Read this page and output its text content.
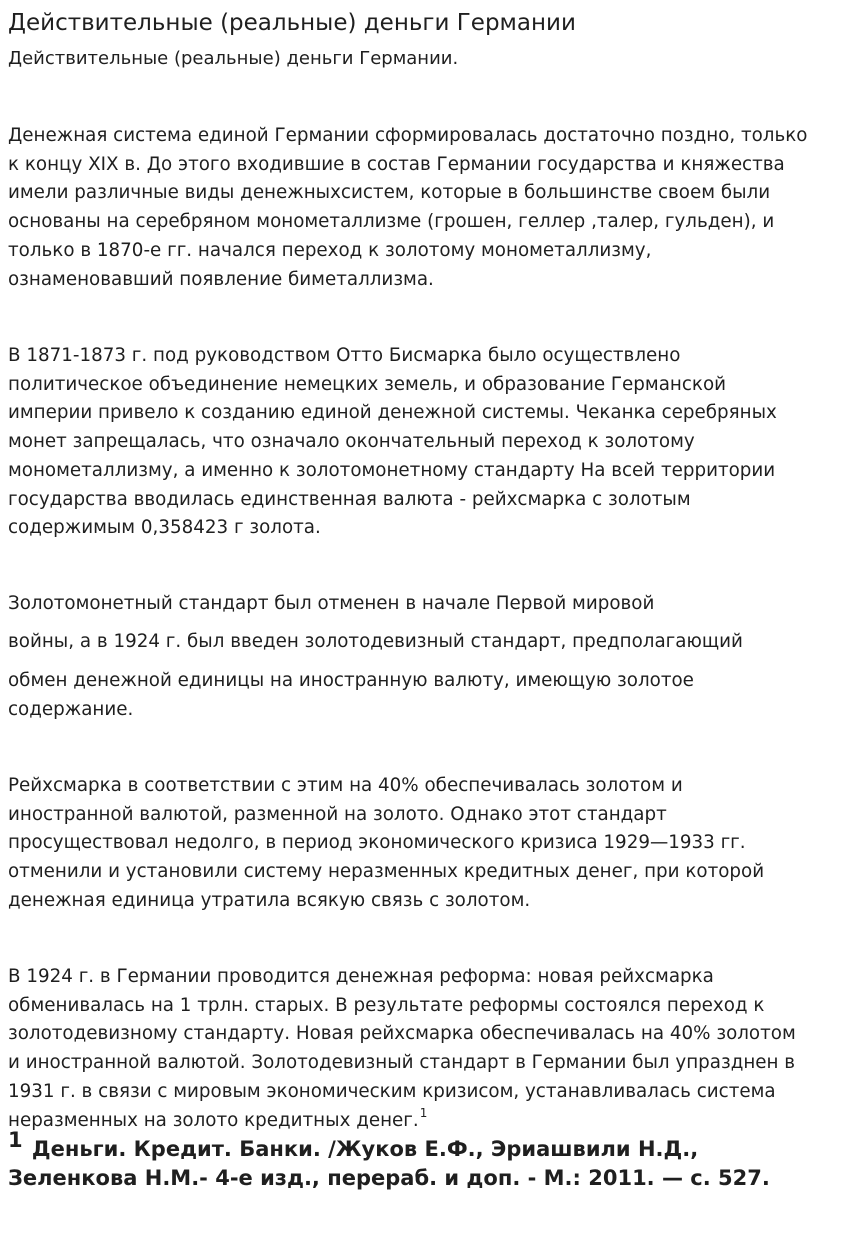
Действительные (реальные) деньги Германии

Действительные (реальные) деньги Германии.

Денежная система единой Германии сформировалась достаточно поздно, только
к концу XIX в. До этого входившие в состав Германии государства и княжества
имели различные виды денежныхсистем, которые в большинстве своем были
основаны на серебряном монометаллизме (грошен, геллер ,талер, гульден), и
только в 1870-е гг. начался переход к золотому монометаллизму,
ознаменовавший появление биметаллизма.

В 1871-1873 г. под руководством Отто Бисмарка было осуществлено
политическое объединение немецких земель, и образование Германской
империи привело к созданию единой денежной системы. Чеканка серебряных
монет запрещалась, что означало окончательный переход к золотому
монометаллизму, а именно к золотомонетному стандарту На всей территории
государства вводилась единственная валюта - рейхсмарка с золотым
содержимым 0,358423 г золота.

Золотомонетный стандарт был отменен в начале Первой мировой

войны, а в 1924 г. был введен золотодевизный стандарт, предполагающий

обмен денежной единицы на иностранную валюту, имеющую золотое
содержание.

Рейхсмарка в соответствии с этим на 40% обеспечивалась золотом и
иностранной валютой, разменной на золото. Однако этот стандарт
просуществовал недолго, в период экономического кризиса 1929—1933 гг.
отменили и установили систему неразменных кредитных денег, при которой
денежная единица утратила всякую связь с золотом.

В 1924 г. в Германии проводится денежная реформа: новая рейхсмарка
обменивалась на 1 трлн. старых. В результате реформы состоялся переход к
золотодевизному стандарту. Новая рейхсмарка обеспечивалась на 40% золотом
и иностранной валютой. Золотодевизный стандарт в Германии был упразднен в
1931 г. в связи с мировым экономическим кризисом, устанавливалась система
неразменных на золото кредитных денег.$^1$

1 Деньги. Кредит. Банки. /Жуков Е.Ф., Эриашвили Н.Д.,
Зеленкова Н.М.- 4-е изд., перераб. и доп. - М.: 2011. — с. 527.
